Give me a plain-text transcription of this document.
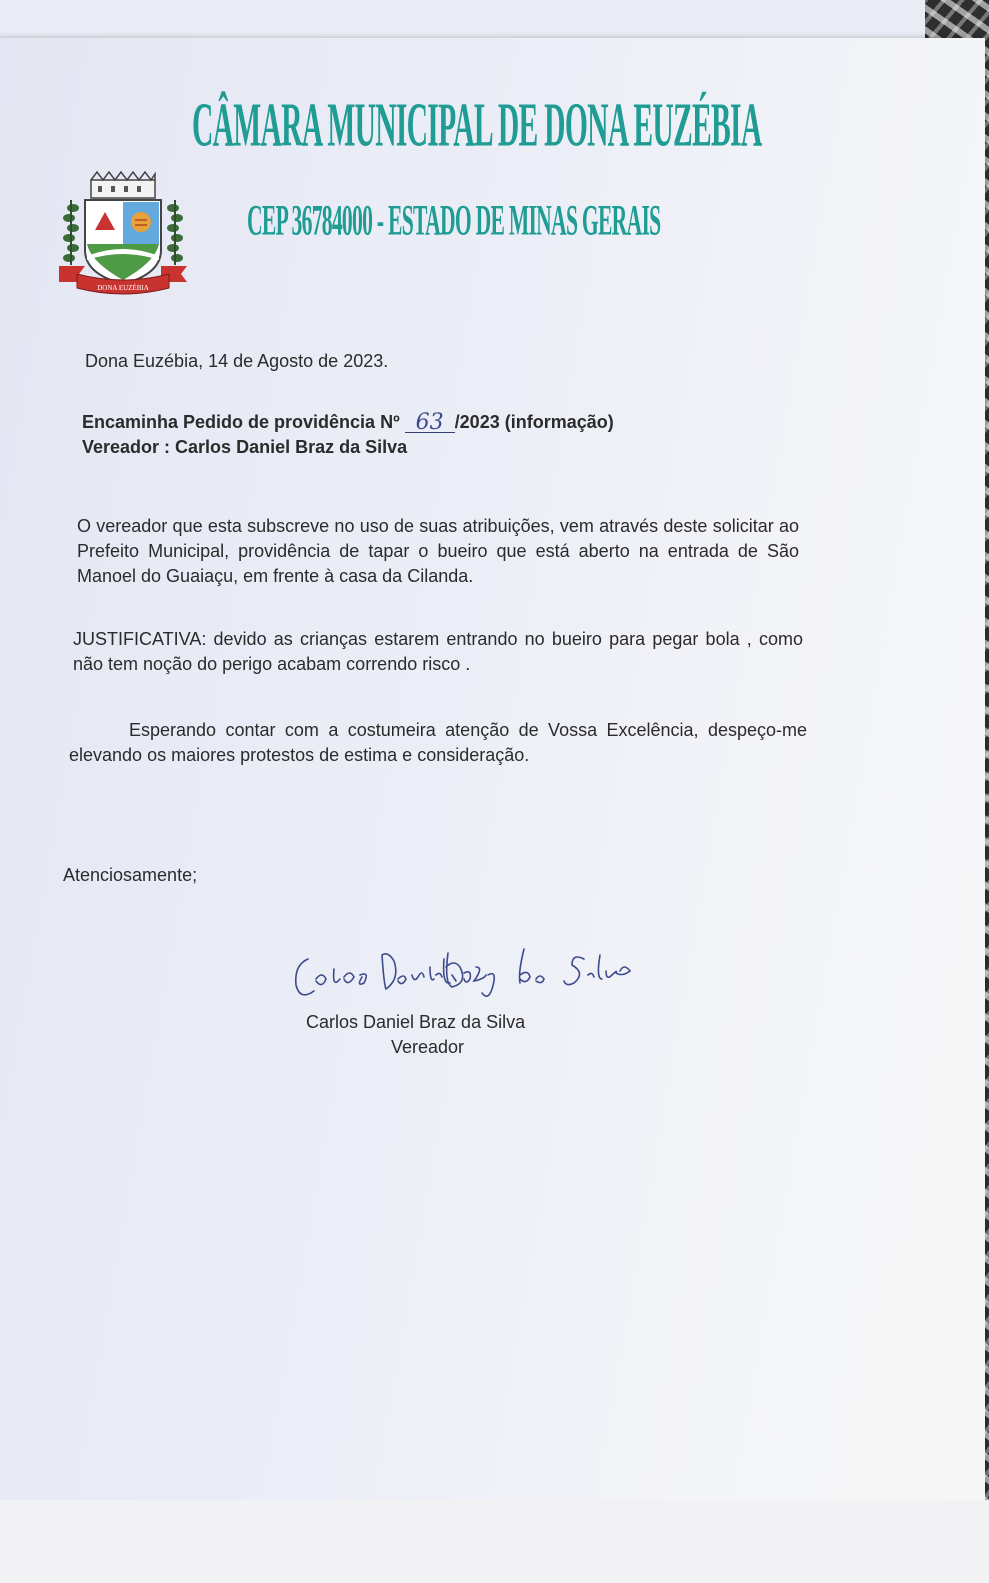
CÂMARA MUNICIPAL DE DONA EUZÉBIA
CEP 36784000 - ESTADO DE MINAS GERAIS
DONA EUZÉBIA
Dona Euzébia, 14 de Agosto de 2023.
Encaminha Pedido de providência Nº 63 /2023 (informação)
Vereador : Carlos Daniel Braz da Silva
O vereador que esta subscreve no uso de suas atribuições, vem através deste solicitar ao Prefeito Municipal, providência de tapar o bueiro que está aberto na entrada de São Manoel do Guaiaçu, em frente à casa da Cilanda.
JUSTIFICATIVA: devido as crianças estarem entrando no bueiro para pegar bola , como não tem noção do perigo acabam correndo risco .
Esperando contar com a costumeira atenção de Vossa Excelência, despeço-me elevando os maiores protestos de estima e consideração.
Atenciosamente;
Carlos Daniel Braz da Silva
Carlos Daniel Braz da Silva
Vereador
